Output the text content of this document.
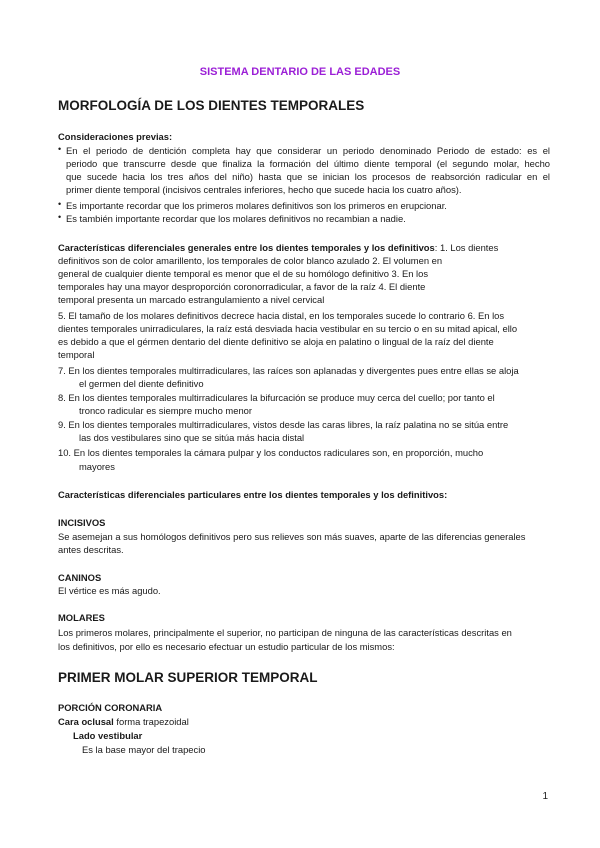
SISTEMA DENTARIO DE LAS EDADES
MORFOLOGÍA DE LOS DIENTES TEMPORALES
Consideraciones previas:
• En el periodo de dentición completa hay que considerar un periodo denominado Periodo de estado: es el
periodo que transcurre desde que finaliza la formación del último diente temporal (el segundo molar, hecho
que sucede hacia los tres años del niño) hasta que se inician los procesos de reabsorción radicular en el
primer diente temporal (incisivos centrales inferiores, hecho que sucede hacia los cuatro años).
• Es importante recordar que los primeros molares definitivos son los primeros en erupcionar.
• Es también importante recordar que los molares definitivos no recambian a nadie.
Características diferenciales generales entre los dientes temporales y los definitivos: 1. Los dientes
definitivos son de color amarillento, los temporales de color blanco azulado 2. El volumen en
general de cualquier diente temporal es menor que el de su homólogo definitivo 3. En los
temporales hay una mayor desproporción coronorradicular, a favor de la raíz 4. El diente
temporal presenta un marcado estrangulamiento a nivel cervical
5. El tamaño de los molares definitivos decrece hacia distal, en los temporales sucede lo contrario 6. En los
dientes temporales unirradiculares, la raíz está desviada hacia vestibular en su tercio o en su mitad apical, ello
es debido a que el gérmen dentario del diente definitivo se aloja en palatino o lingual de la raíz del diente
temporal
7. En los dientes temporales multirradiculares, las raíces son aplanadas y divergentes pues entre ellas se aloja
el germen del diente definitivo
8. En los dientes temporales multirradiculares la bifurcación se produce muy cerca del cuello; por tanto el
tronco radicular es siempre mucho menor
9. En los dientes temporales multirradiculares, vistos desde las caras libres, la raíz palatina no se sitúa entre
las dos vestibulares sino que se sitúa más hacia distal
10. En los dientes temporales la cámara pulpar y los conductos radiculares son, en proporción, mucho
mayores
Características diferenciales particulares entre los dientes temporales y los definitivos:
INCISIVOS
Se asemejan a sus homólogos definitivos pero sus relieves son más suaves, aparte de las diferencias generales
antes descritas.
CANINOS
El vértice es más agudo.
MOLARES
Los primeros molares, principalmente el superior, no participan de ninguna de las características descritas en
los definitivos, por ello es necesario efectuar un estudio particular de los mismos:
PRIMER MOLAR SUPERIOR TEMPORAL
PORCIÓN CORONARIA
Cara oclusal forma trapezoidal
Lado vestibular
Es la base mayor del trapecio
1
